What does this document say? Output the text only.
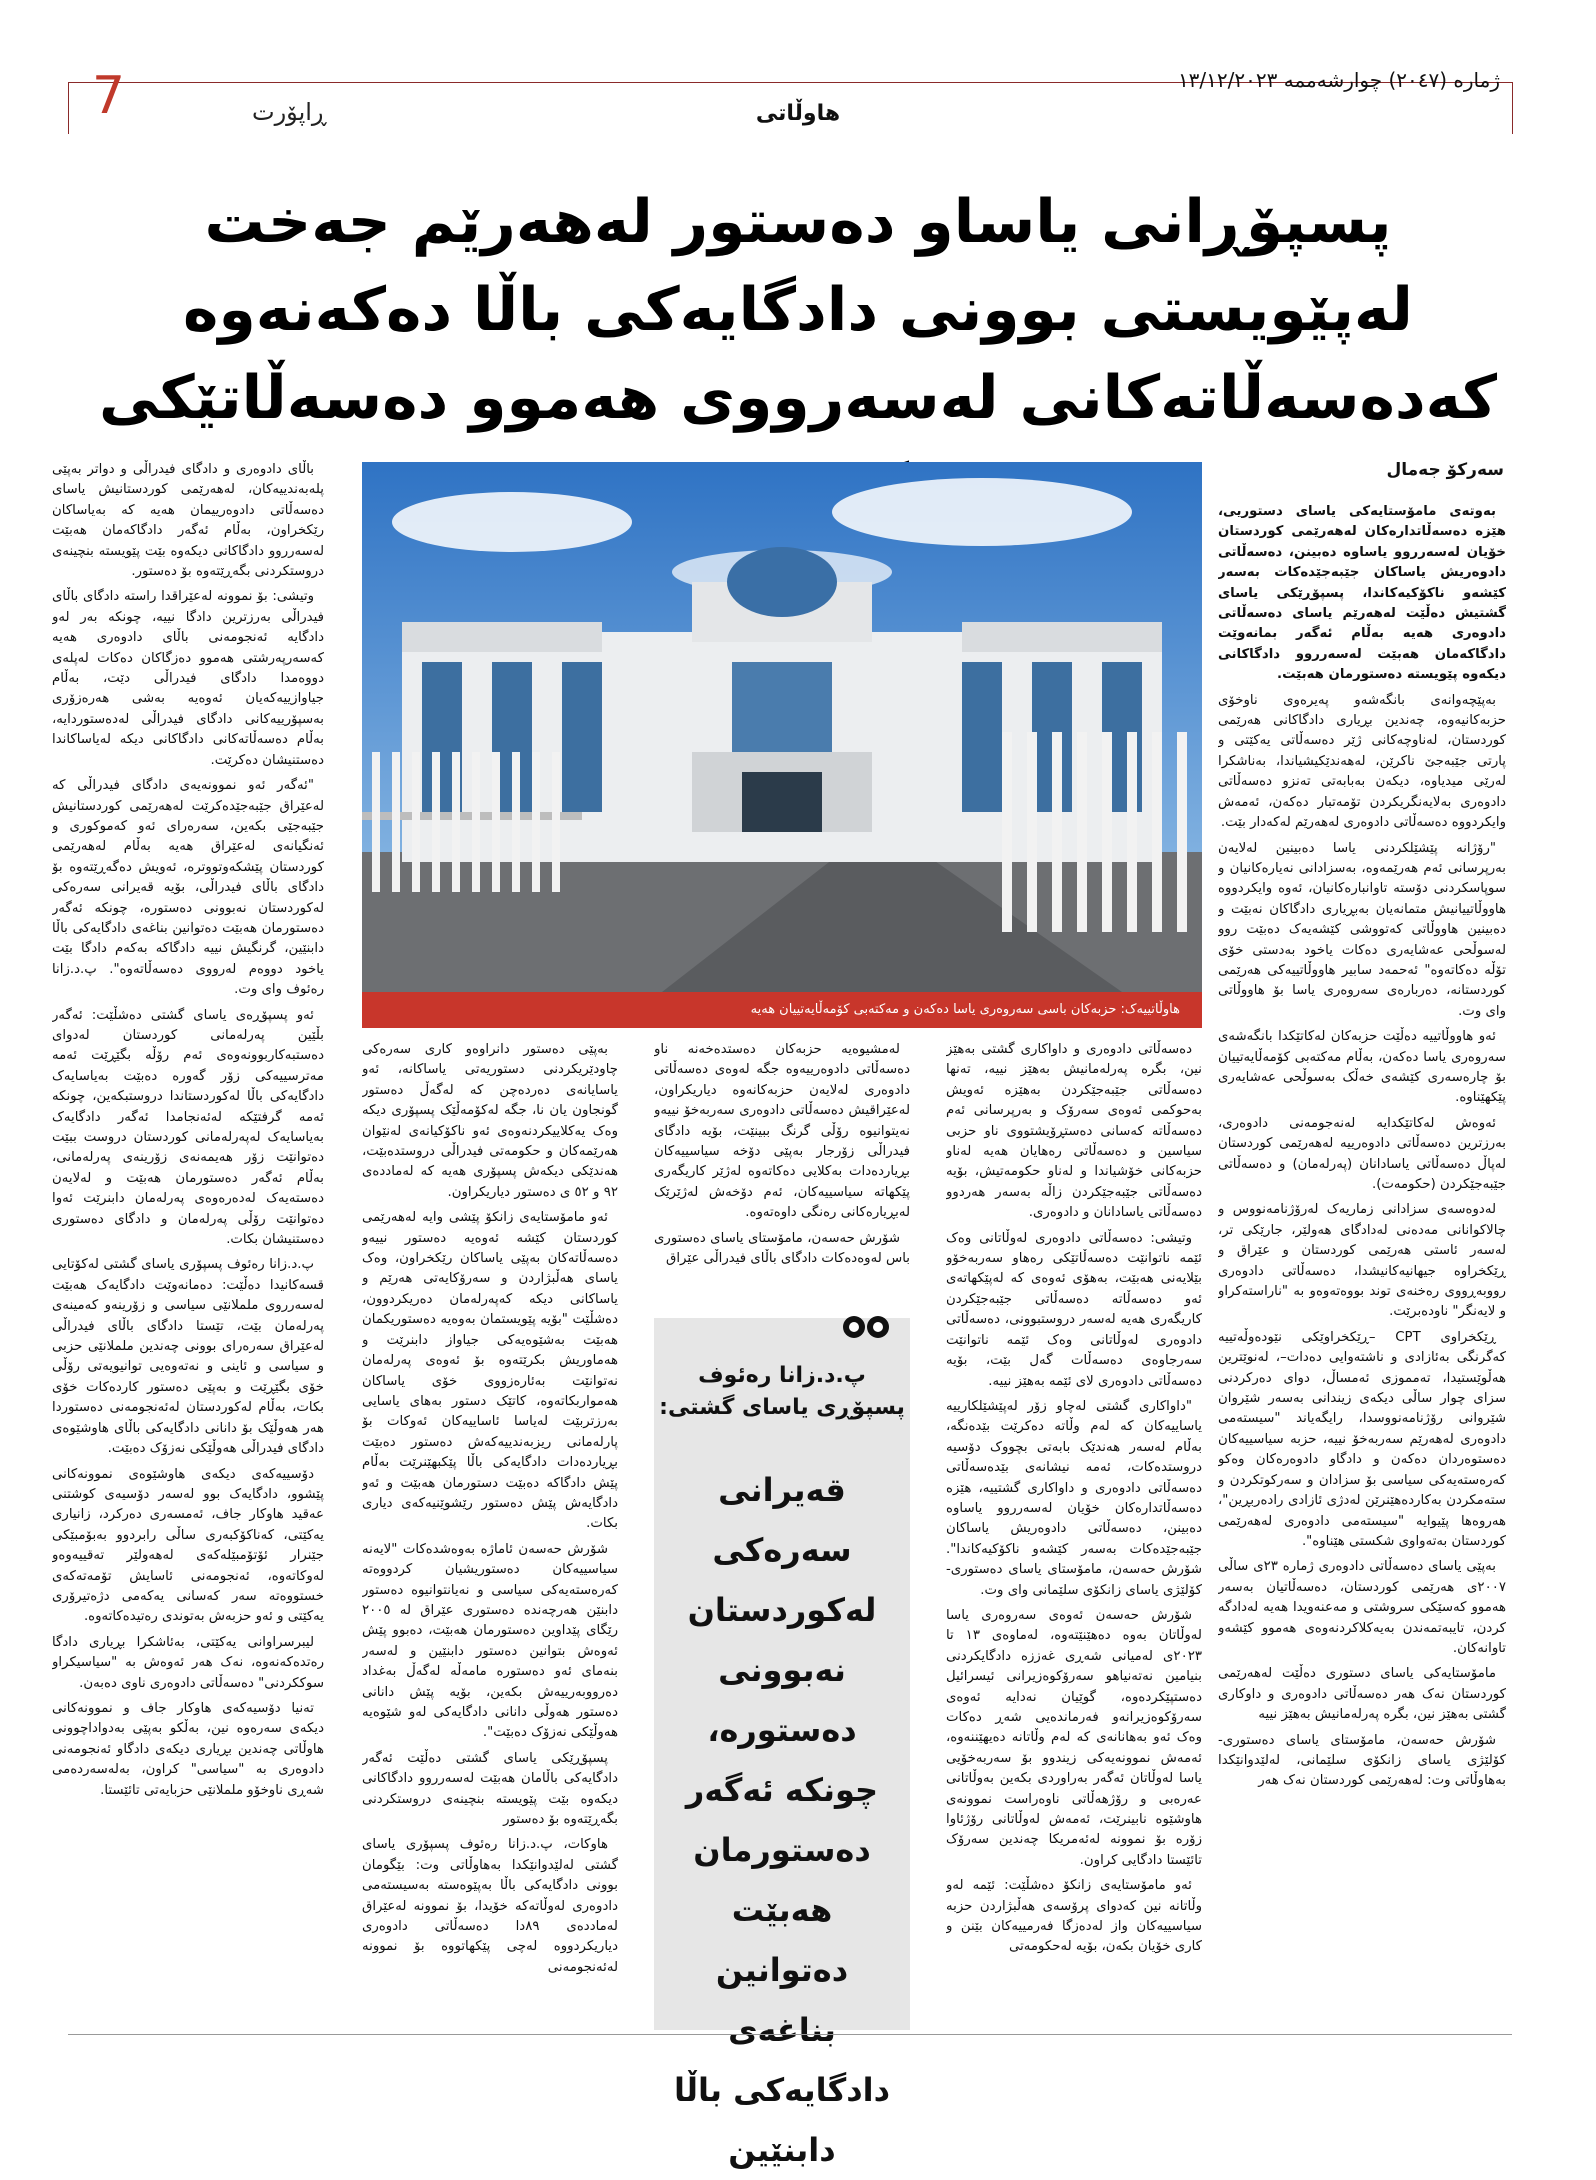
7	ڕاپۆرت	هاوڵاتی
ژمارە (٢٠٤٧) چوارشەممە ١٣/١٢/٢٠٢٣
پسپۆڕانی یاساو دەستور لەهەرێم جەخت لەپێویستی بوونی دادگایەکی باڵا دەکەنەوە کەدەسەڵاتەکانی لەسەرووی هەموو دەسەڵاتێکی
سەرکۆ جەمال
هاوڵاتییەک: حزبەکان باسی سەروەری یاسا دەکەن و مەکتەبی کۆمەڵایەتییان هەیە

بەوتەی مامۆستایەکی یاسای دستوریی، هێزە دەسەڵاتدارەکان لەهەرێمی کوردستان خۆیان لەسەرروو یاساوە دەبینن، دەسەڵاتی دادوەریش یاساکان جێبەجێدەکات بەسەر کێشەو ناکۆکیەکاندا، پسپۆڕێکی یاسای گشتیش دەڵێت لەهەرێم یاسای دەسەڵاتی دادوەری هەیە بەڵام ئەگەر بمانەوێت دادگاکەمان هەبێت لەسەرروو دادگاکانی دیکەوە پێویستە دەستورمان هەبێت.

بەپێچەوانەی بانگەشەو پەیرەوی ناوخۆی حزبەکانیەوە، چەندین بڕیاری دادگاکانی هەرێمی کوردستان، لەناوچەکانی ژێر دەسەڵاتی یەکێتی و پارتی جێبەجێ ناکرێن، لەهەندێکیشیاندا، بەناشکرا لەرێی میدیاوە، دیکەن بەبابەتی تەنزو دەسەڵاتی دادوەری بەلایەنگریکردن تۆمەتبار دەکەن، ئەمەش وایکردووە دەسەڵاتی دادوەری لەهەرێم لەکەدار بێت.

"رۆژانە پێشێلکردنی یاسا دەبینین لەلایەن بەرپرسانی ئەم هەرێمەوە، بەسزادانی نەیارەکانیان و سوپاسکردنی دۆستە تاوانبارەکانیان، ئەوە وایکردووە هاووڵاتییانیش متمانەیان بەبڕیاری دادگاکان نەبێت و دەبینین هاووڵاتی کەتووشی کێشەیەک دەبێت روو لەسوڵحی عەشایەری دەکات یاخود بەدستی خۆی تۆڵە دەکاتەوە" ئەحمەد سابیر هاووڵاتییەکی هەرێمی کوردستانە، دەربارەی سەروەری یاسا بۆ هاووڵاتی وای وت.

ئەو هاووڵاتییە دەڵێت حزبەکان لەکاتێکدا بانگەشەی سەروەری یاسا دەکەن، بەڵام مەکتەبی کۆمەڵایەتییان بۆ چارەسەری کێشەی خەڵک بەسوڵحی عەشایەری پێکهێناوە.

ئەوەش لەکاتێکدایە لەنەجومەنی دادوەری، بەرزترین دەسەڵاتی دادوەرییە لەهەرێمی کوردستان لەپاڵ دەسەڵاتی یاسادانان (پەرلەمان) و دەسەڵاتی جێبەجێکردن (حکومەت).

لەدوەسەی سزادانی زماریەک لەرۆژنامەنووس و چالاکوانانی مەدەنی لەدادگای هەولێر، جارێکی تر، لەسەر ئاستی هەرێمی کوردستان و عێراق و ڕێکخراوە جیهانیەکانیشدا، دەسەڵاتی دادوەری رووبەڕووی رەخنەی توند بووەتەوەو بە "ناراستەکراو و لایەنگر" ناودەبرێت.

ڕێکخراوی CPT –ڕێکخراوێکی نێودەوڵەتییە کەگرنگی بەئازادی و ناشتەوایی دەدات–، لەنوێترین هەڵوێستیدا، تەمموزی ئەمساڵ، دوای دەرکردنی سزای چوار ساڵی دیکەی زیندانی بەسەر شێروان شێروانی رۆژنامەنووسدا، رایگەیاند "سیستەمی دادوەری لەهەرێم سەربەخۆ نییە، حزبە سیاسییەکان دەستوەردان دەکەن و دادگاو دادوەرەکان وەکو کەرەستەیەکی سیاسی بۆ سزادان و سەرکوتکردن و ستەمکردن بەکاردەهێنرێن لەدژی ئازادی رادەربڕین"، هەروەها پێیوایە "سیستەمی دادوەری لەهەرێمی کوردستان بەتەواوی شکستی هێناوە".

بەپێی یاسای دەسەڵاتی دادوەری ژمارە ٢٣ی ساڵی ٢٠٠٧ی هەرێمی کوردستان، دەسەڵاتیان بەسەر هەموو کەسێکی سروشتی و مەعنەویدا هەیە لەدادگە کردن، تایبەتمەندن بەیەکلاکردنەوەی هەموو کێشەو تاوانەکان.

مامۆستایەکی یاسای دستوری دەڵێت لەهەرێمی کوردستان نەک هەر دەسەڵاتی دادوەری و داوکاری گشتی بەهێز نین، بگرە پەرلەمانیش بەهێز نییە

شۆرش حەسەن، مامۆستای یاسای دەستوری-کۆلێژی یاسای زانکۆی سلێمانی، لەلێدوانێکدا بەهاوڵاتی وت: لەهەرێمی کوردستان نەک هەر

دەسەڵاتی دادوەری و داواکاری گشتی بەهێز نین، بگرە پەرلەمانیش بەهێز نییە، تەنها دەسەڵاتی جێبەجێکردن بەهێزە ئەویش بەحوکمی ئەوەی سەرۆک و بەرپرسانی ئەم دەسەڵاتە کەسانی دەستڕۆیشتووی ناو حزبی سیاسین و دەسەڵاتی رەهایان هەیە لەناو حزبەکانی خۆشیاندا و لەناو حکومەتیش، بۆیە دەسەڵاتی جێبەجێکردن زاڵە بەسەر هەردوو دەسەڵاتی یاسادانان و دادوەری.

وتیشی: دەسەڵاتی دادوەری لەوڵاتانی وەک ئێمە ناتوانێت دەسەڵاتێکی رەهاو سەربەخۆو بێلایەنی هەبێت، بەهۆی ئەوەی کە لەپێکهاتەی ئەو دەسەڵاتە دەسەڵاتی جێبەجێکردن کاریگەری هەیە لەسەر دروستبوونی، دەسەڵاتی دادوەری لەوڵاتانی وەک ئێمە ناتوانێت سەرجاوەی دەسەڵات گەل بێت، بۆیە دەسەڵاتی دادوەری لای ئێمە بەهێز نییە.

"داواکاری گشتی لەچاو زۆر لەپێشێلکارییە یاساییەکان کە لەم وڵاتە دەکرێت بێدەنگە، بەڵام لەسەر هەندێک بابەتی بچووک دۆسیە دروستدەکات، ئەمە نیشانەی بێدەسەڵاتی دەسەڵاتی دادوەری و داواکاری گشتییە، هێزە دەسەڵاتدارەکان خۆیان لەسەرروو یاساوە دەبینن، دەسەڵاتی دادوەریش یاساکان جێبەجێدەکات بەسەر کێشەو ناکۆکیەکاندا". شۆرش حەسەن، مامۆستای یاسای دەستوری- کۆلێژی یاسای زانکۆی سلێمانی وای وت.

شۆرش حەسەن ئەوەی سەروەری یاسا لەوڵاتان بەوە دەهێنێتەوە، لەماوەی ١٣ تا ٢٠٢٣ی لەمیانی شەڕی غەززە دادگایکردنی بنیامین نەتەنیاهو سەرۆکوەزیرانی ئیسرائیل دەستپێکردەوە، گوێیان نەدایە ئەوەی سەرۆکوەزیرانەو فەرماندەیی شەڕ دەکات وەک ئەو بەهانانەی کە لەم وڵاتانە دەیهێننەوە، ئەمەش نموونەیەکی زیندوو بۆ سەربەخۆیی یاسا لەوڵاتان ئەگەر بەراوردی بکەین بەوڵاتانی عەرەبی و رۆژهەڵاتی ناوەراست نموونەی هاوشێوە نابینرێت، ئەمەش لەوڵاتانی رۆژئاوا زۆرە بۆ نموونە لەئەمریکا چەندین سەرۆک تائێستا دادگایی کراون.

ئەو مامۆستایەی زانکۆ دەشڵێت: ئێمە لەو وڵاتانە نین کەدوای پرۆسەی هەڵبژاردن حزبە سیاسییەکان واز لەدەزگا فەرمییەکان بێنن و کاری خۆیان بکەن، بۆیە لەحکومەتی

لەمشیوەیە حزبەکان دەستدەخەنە ناو دەسەڵاتی دادوەرییەوە جگە لەوەی دەسەڵاتی دادوەری لەلایەن حزبەکانەوە دیاریکراون، لەعێراقیش دەسەڵاتی دادوەری سەربەخۆ نییەو نەیتوانیوە رۆڵی گرنگ ببینێت، بۆیە دادگای فیدراڵی زۆرجار بەپێی دۆخە سیاسییەکان بڕیاردەدات بەکلایی دەکاتەوە لەژێر کاریگەری پێکهاتە سیاسییەکان، ئەم دۆخەش لەژێرێک لەبڕیارەکانی رەنگی داوەتەوە.

شۆرش حەسەن، مامۆستای یاسای دەستوری باس لەوەدەکات دادگای باڵای فیدراڵی عێراق

بەپێی دەستور دانراوەو کاری سەرەکی چاودێریکردنی دستوریەتی یاساکانە، ئەو یاسایانەی دەردەچن کە لەگەڵ دەستور گونجاون یان نا، جگە لەکۆمەڵێک پسپۆری دیکە وەک یەکلاییکردنەوەی ئەو ناکۆکیانەی لەنێوان هەرێمەکان و حکومەتی فیدراڵی دروستدەبێت، هەندێکی دیکەش پسپۆری هەیە کە لەماددەی ٩٢ و ٥٢ ی دەستور دیاریکراون.

ئەو مامۆستایەی زانکۆ پێشی وایە لەهەرێمی کوردستان کێشە ئەوەیە دەستور نییەو دەسەڵاتەکان بەپێی یاساکان رێکخراون، وەک یاسای هەڵبژاردن و سەرۆکایەتی هەرێم و یاساکانی دیکە کەپەرلەمان دەریکردوون، دەشڵێت "بۆیە پێویستمان بەوەیە دەستوریکمان هەبێت بەشێوەیەکی جیاواز دابنرێت و هەماوریش بکرێتەوە بۆ ئەوەی پەرلەمان نەتوانێت بەئارەزووی خۆی یاساکان هەمواربکاتەوە، کاتێک دستور بەهای یاسایی بەرزتربێت لەیاسا ئاساییەکان ئەوکات بۆ پارلەمانی ریزبەندییەکەش دەستور دەبێت بڕیاردەدات دادگایەکی باڵا پێکبهێنرێت بەڵام پێش دادگاکە دەبێت دستورمان هەبێت و ئەو دادگایەش پێش دەستور رێشوێنیەکەی دیاری بکات.

شۆرش حەسەن ئاماژە بەوەشدەکات "لایەنە سیاسییەکان دەستوریشیان کردووەتە کەرەستەیەکی سیاسی و نەیانتوانیوە دەستور دابنێن هەرچەندە دەستوری عێراق لە ٢٠٠٥ رێگای پێداوین دەستورمان هەبێت، دەبوو پێش ئەوەش بتوانین دەستور دابنێین و لەسەر بنەمای ئەو دەستورە مامەڵە لەگەڵ بەغداد دەرووبەرییەش بکەین، بۆیە پێش دانانی دەستور هەوڵی دانانی دادگایەکی لەو شێوەیە هەوڵێکی نەزۆک دەبێت".

پسپۆڕێکی یاسای گشتی دەڵێت ئەگەر دادگایەکی باڵامان هەبێت لەسەرروو دادگاکانی دیکەوە بێت پێویستە بنچینەی دروستکردنی بگەڕێتەوە بۆ دەستور

هاوکات، پ.د.زانا رەئوف پسپۆری یاسای گشتی لەلێدوانێکدا بەهاوڵاتی وت: بێگومان بوونی دادگایەکی باڵا بەپێوەستە بەسیستەمی دادوەری لەوڵاتەکە خۆیدا، بۆ نموونە لەعێراق لەماددەی ٨٩دا دەسەڵاتی دادوەری دیاریکردووە لەچی پێکهاتووە بۆ نموونە لەئەنجومەنی

باڵای دادوەری و دادگای فیدراڵی و دواتر بەپێی پلەبەندییەکان، لەهەرێمی کوردستانیش یاسای دەسەڵاتی دادوەرییمان هەیە کە بەیاساکان رێکخراون، بەڵام ئەگەر دادگاکەمان هەبێت لەسەرروو دادگاکانی دیکەوە بێت پێویستە بنچینەی دروستکردنی بگەڕێتەوە بۆ دەستور.

وتیشی: بۆ نموونە لەعێراقدا راستە دادگای باڵای فیدراڵی بەرزترین دادگا نییە، چونکە بەر لەو دادگایە ئەنجومەنی باڵای دادوەری هەیە کەسەرپەرشتی هەموو دەزگاکان دەکات لەپلەی دووەمدا دادگای فیدراڵی دێت، بەڵام جیاوازییەکەیان ئەوەیە بەشی هەرەزۆری بەسپۆرییەکانی دادگای فیدراڵی لەدەستوردایە، بەڵام دەسەڵاتەکانی دادگاکانی دیکە لەیاساکاندا دەستنیشان دەکرێت.

"ئەگەر ئەو نموونەیەی دادگای فیدراڵی کە لەعێراق جێبەجێدەکرێت لەهەرێمی کوردستانیش جێبەجێی بکەین، سەرەرای ئەو کەموکوری و ئەنگیانەی لەعێراق هەیە بەڵام لەهەرێمی کوردستان پێشکەوتووترە، ئەویش دەگەڕێتەوە بۆ دادگای باڵای فیدراڵی، بۆیە قەیرانی سەرەکی لەکوردستان نەبوونی دەستورە، چونکە ئەگەر دەستورمان هەبێت دەتوانین بناغەی دادگایەکی باڵا دابنێین، گرنگیش نییە دادگاکە بەکەم دادگا بێت یاخود دووەم لەرووی دەسەڵاتەوە". پ.د.زانا رەئوف وای وت.

ئەو پسپۆڕەی یاسای گشتی دەشڵێت: ئەگەر بڵێین پەرلەمانی کوردستان لەدوای دەستبەکاربوونەوەی ئەم رۆڵە بگێڕێت ئەمە مەترسییەکی زۆر گەورە دەبێت بەیاسایەک دادگایەکی باڵا لەکوردستاندا دروستبکەین، چونکە ئەمە گرفتێکە لەئەنجامدا ئەگەر دادگایەک بەیاسایەک لەپەرلەمانی کوردستان دروست ببێت دەتوانێت زۆر هەیمەنەی زۆرینەی پەرلەمانی، بەڵام ئەگەر دەستورمان هەبێت و لەلایەن دەستەیەک لەدەرەوەی پەرلەمان دابنرێت ئەوا دەتوانێت رۆڵی پەرلەمان و دادگای دەستوری دەستنیشان بکات.

پ.د.زانا رەئوف پسپۆری یاسای گشتی لەکۆتایی قسەکانیدا دەڵێت: دەمانەوێت دادگایەک هەبێت لەسەرروی ململانێی سیاسی و زۆرینەو کەمینەی پەرلەمان بێت، تێستا دادگای باڵای فیدراڵی لەعێراق سەرەرای بوونی چەندین ململانێی حزبی و سیاسی و ئاینی و نەتەوەیی توانیویەتی رۆڵی خۆی بگێڕێت و بەپێی دەستور کاردەکات خۆی بکات، بەڵام لەکوردستان لەئەنجومەنی دەستوردا هەر هەوڵێک بۆ دانانی دادگایەکی باڵای هاوشێوەی دادگای فیدراڵی هەوڵێکی نەزۆک دەبێت.

دۆسییەکەی دیکەی هاوشێوەی نموونەکانی پێشوو، دادگایەک بوو لەسەر دۆسیەی کوشتنی عەقید هاوکار جاف، ئەمسەری دەرکرد، زانیاری یەکێتی، کەناکۆکبەری ساڵی رابردوو بەبۆمبێکی جێنرار ئۆتۆمبێلەکەی لەهەولێر تەقییەوەو لەوکاتەوە، ئەنجومەنی ئاسایش تۆمەتەکەی خستووەتە سەر کەسانی یەکەمی دژەتیرۆری یەکێتی و ئەو حزبەش بەتوندی رەتیدەکاتەوە.

لیبرسراوانی یەکێتی، بەئاشکرا بڕیاری دادگا رەتدەکەنەوە، نەک هەر ئەوەش بە "سیاسیکراو سوککردنی" دەسەڵاتی دادوەری ناوی دەبەن.

تەنیا دۆسیەکەی هاوکار جاف و نموونەکانی دیکەی سەرەوە نین، بەڵکو بەپێی بەدواداچوونی هاوڵاتی چەندین بڕیاری دیکەی دادگاو ئەنجومەنی دادوەری بە "سیاسی" کراون، بەلەسەردەمی شەڕی ناوخۆو ململانێی حزبایەتی تائێستا.

پ.د.زانا رەئوف پسپۆڕی یاسای گشتی:
قەیرانی سەرەکی لەکوردستان نەبوونی دەستورە، چونکە ئەگەر دەستورمان هەبێت دەتوانین بناغەی دادگایەکی باڵا دابنێین
